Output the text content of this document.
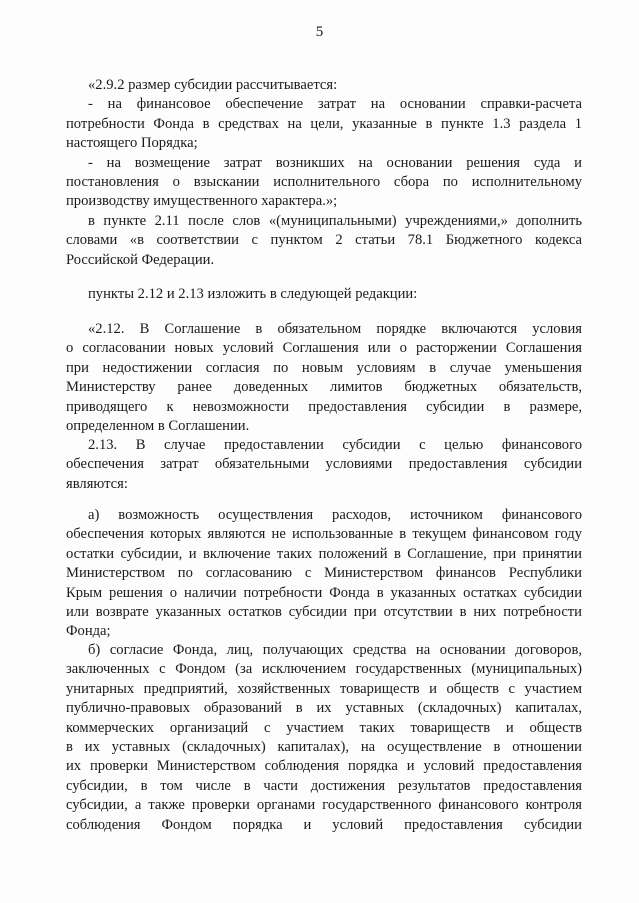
5
«2.9.2 размер субсидии рассчитывается:
- на финансовое обеспечение затрат на основании справки-расчета
потребности Фонда в средствах на цели, указанные в пункте 1.3 раздела 1
настоящего Порядка;
- на возмещение затрат возникших на основании решения суда и
постановления о взыскании исполнительного сбора по исполнительному
производству имущественного характера.»;
в пункте 2.11 после слов «(муниципальными) учреждениями,» дополнить
словами «в соответствии с пунктом 2 статьи 78.1 Бюджетного кодекса
Российской Федерации.
пункты 2.12 и 2.13 изложить в следующей редакции:
«2.12. В Соглашение в обязательном порядке включаются условия
о согласовании новых условий Соглашения или о расторжении Соглашения
при недостижении согласия по новым условиям в случае уменьшения
Министерству ранее доведенных лимитов бюджетных обязательств,
приводящего к невозможности предоставления субсидии в размере,
определенном в Соглашении.
2.13. В случае предоставлении субсидии с целью финансового
обеспечения затрат обязательными условиями предоставления субсидии
являются:
а) возможность осуществления расходов, источником финансового
обеспечения которых являются не использованные в текущем финансовом году
остатки субсидии, и включение таких положений в Соглашение, при принятии
Министерством по согласованию с Министерством финансов Республики
Крым решения о наличии потребности Фонда в указанных остатках субсидии
или возврате указанных остатков субсидии при отсутствии в них потребности
Фонда;
б) согласие Фонда, лиц, получающих средства на основании договоров,
заключенных с Фондом (за исключением государственных (муниципальных)
унитарных предприятий, хозяйственных товариществ и обществ с участием
публично-правовых образований в их уставных (складочных) капиталах,
коммерческих организаций с участием таких товариществ и обществ
в их уставных (складочных) капиталах), на осуществление в отношении
их проверки Министерством соблюдения порядка и условий предоставления
субсидии, в том числе в части достижения результатов предоставления
субсидии, а также проверки органами государственного финансового контроля
соблюдения Фондом порядка и условий предоставления субсидии
